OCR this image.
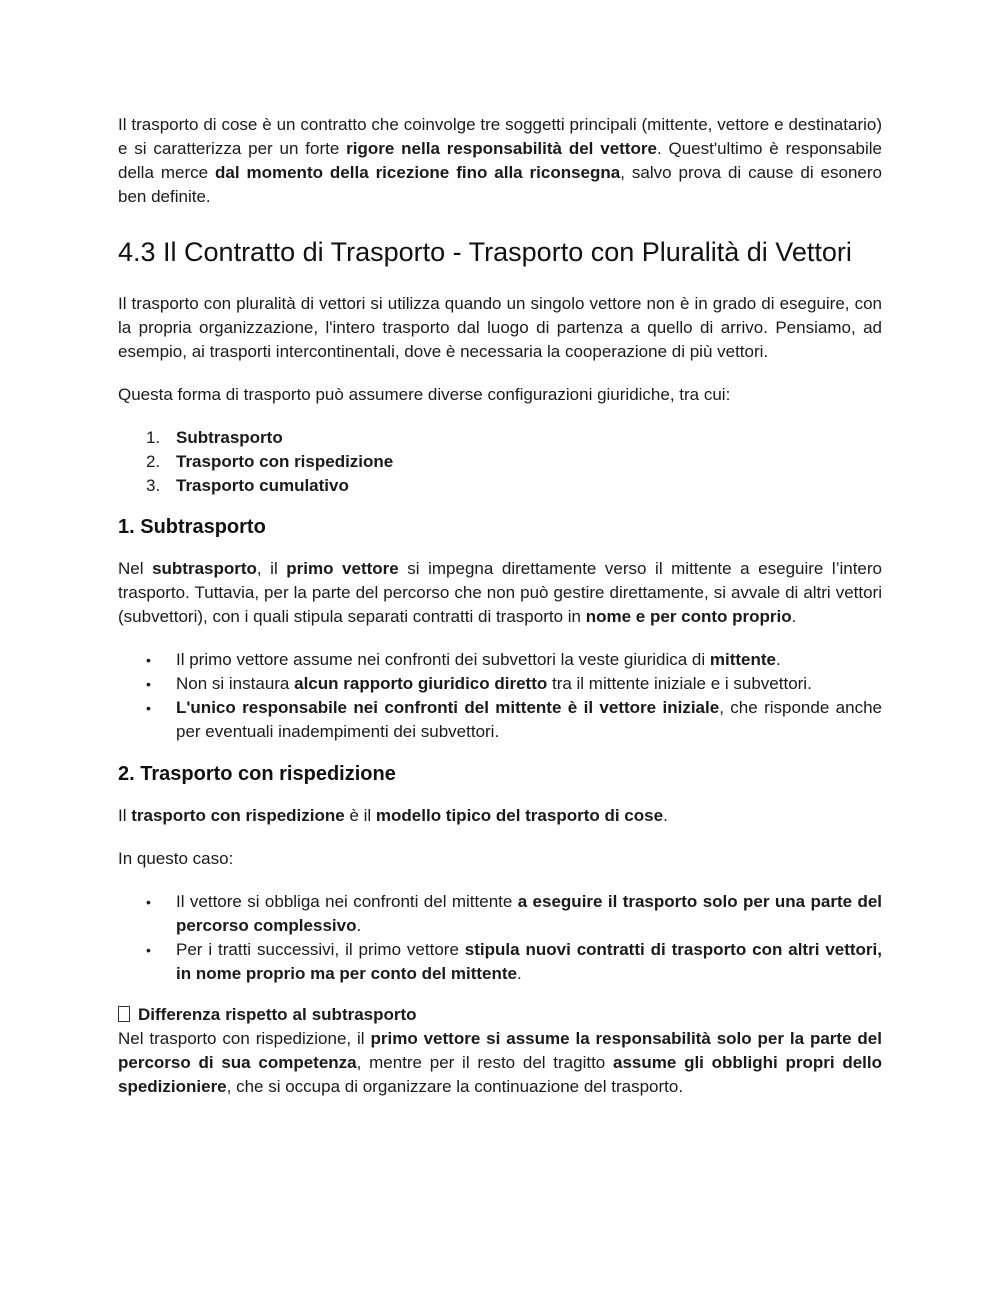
Il trasporto di cose è un contratto che coinvolge tre soggetti principali (mittente, vettore e destinatario) e si caratterizza per un forte rigore nella responsabilità del vettore. Quest'ultimo è responsabile della merce dal momento della ricezione fino alla riconsegna, salvo prova di cause di esonero ben definite.

4.3 Il Contratto di Trasporto - Trasporto con Pluralità di Vettori

Il trasporto con pluralità di vettori si utilizza quando un singolo vettore non è in grado di eseguire, con la propria organizzazione, l'intero trasporto dal luogo di partenza a quello di arrivo. Pensiamo, ad esempio, ai trasporti intercontinentali, dove è necessaria la cooperazione di più vettori.

Questa forma di trasporto può assumere diverse configurazioni giuridiche, tra cui:

1. Subtrasporto
2. Trasporto con rispedizione
3. Trasporto cumulativo
1. Subtrasporto

Nel subtrasporto, il primo vettore si impegna direttamente verso il mittente a eseguire l’intero trasporto. Tuttavia, per la parte del percorso che non può gestire direttamente, si avvale di altri vettori (subvettori), con i quali stipula separati contratti di trasporto in nome e per conto proprio.

•	Il primo vettore assume nei confronti dei subvettori la veste giuridica di mittente.
•	Non si instaura alcun rapporto giuridico diretto tra il mittente iniziale e i subvettori.
•	L'unico responsabile nei confronti del mittente è il vettore iniziale, che risponde anche per eventuali inadempimenti dei subvettori.
2. Trasporto con rispedizione

Il trasporto con rispedizione è il modello tipico del trasporto di cose.

In questo caso:

•	Il vettore si obbliga nei confronti del mittente a eseguire il trasporto solo per una parte del percorso complessivo.
•	Per i tratti successivi, il primo vettore stipula nuovi contratti di trasporto con altri vettori, in nome proprio ma per conto del mittente.
Differenza rispetto al subtrasporto

Nel trasporto con rispedizione, il primo vettore si assume la responsabilità solo per la parte del percorso di sua competenza, mentre per il resto del tragitto assume gli obblighi propri dello spedizioniere, che si occupa di organizzare la continuazione del trasporto.
